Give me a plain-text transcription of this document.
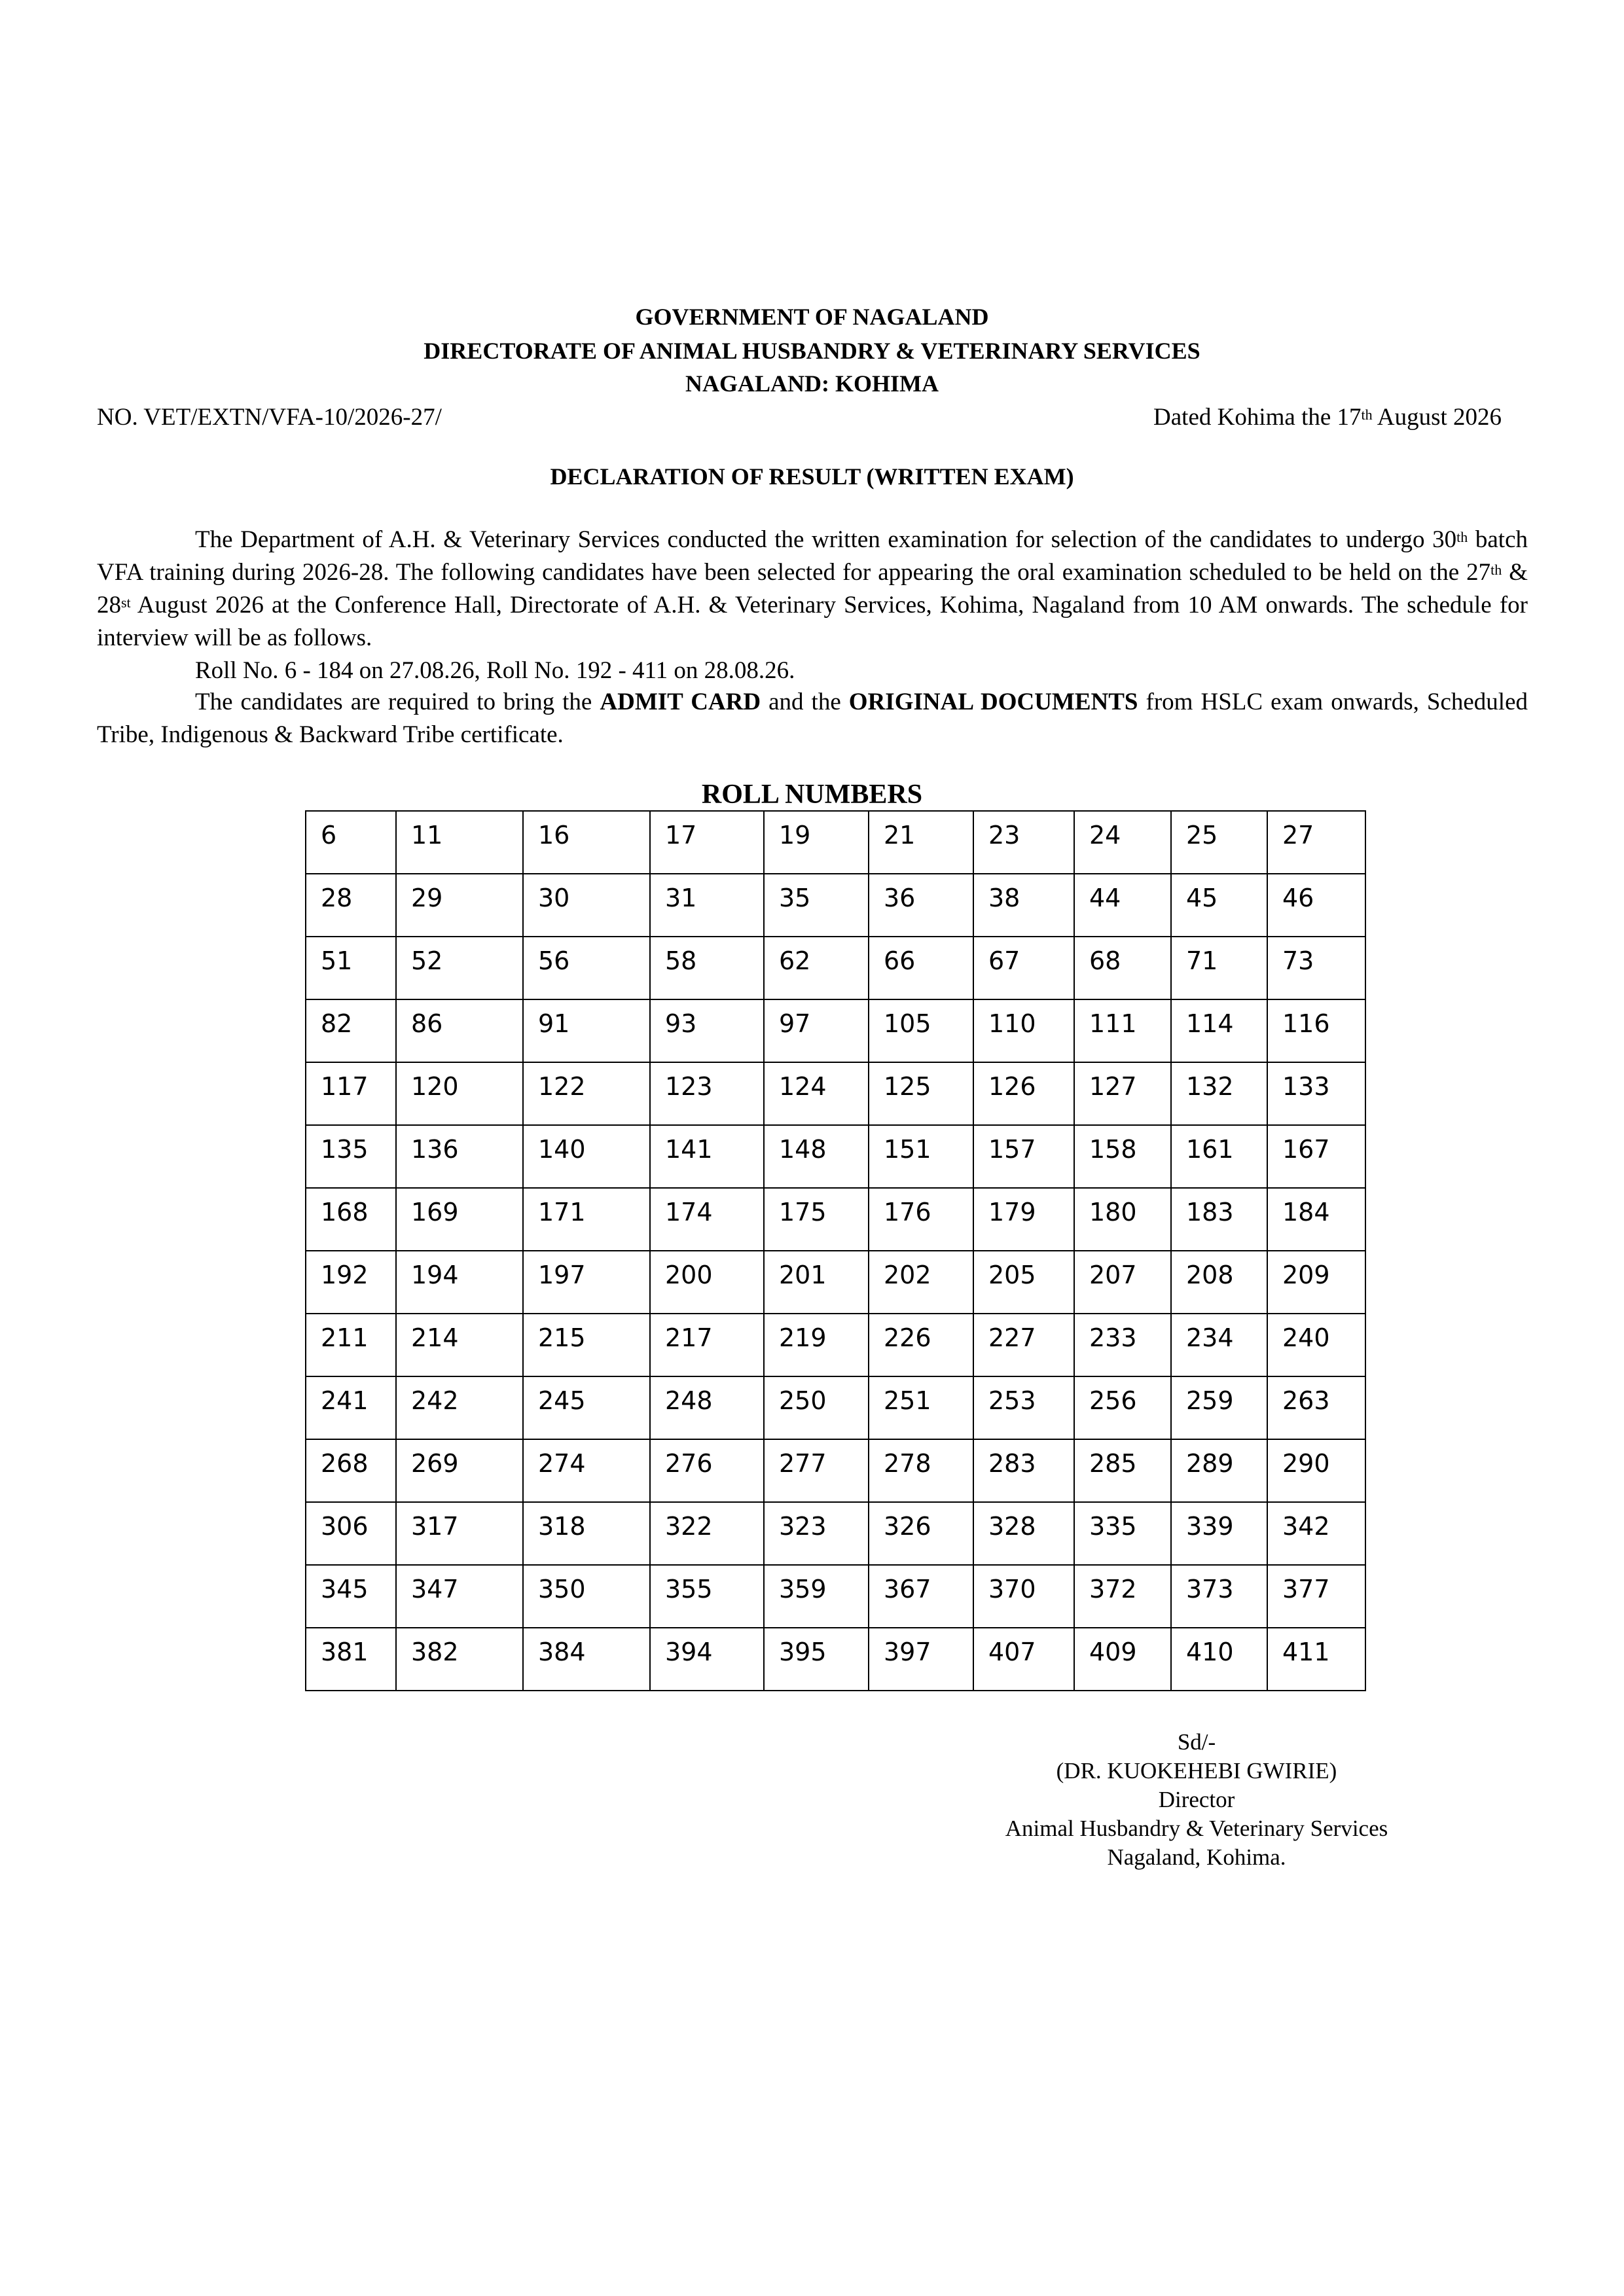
GOVERNMENT OF NAGALAND
DIRECTORATE OF ANIMAL HUSBANDRY & VETERINARY SERVICES
NAGALAND: KOHIMA
NO. VET/EXTN/VFA-10/2026-27/	Dated Kohima the 17th August 2026
DECLARATION OF RESULT (WRITTEN EXAM)
The Department of A.H. & Veterinary Services conducted the written examination for selection of the candidates to undergo 30th batch VFA training during 2026-28. The following candidates have been selected for appearing the oral examination scheduled to be held on the 27th & 28st August 2026 at the Conference Hall, Directorate of A.H. & Veterinary Services, Kohima, Nagaland from 10 AM onwards. The schedule for interview will be as follows.
Roll No. 6 - 184 on 27.08.26, Roll No. 192 - 411 on 28.08.26.
The candidates are required to bring the ADMIT CARD and the ORIGINAL DOCUMENTS from HSLC exam onwards, Scheduled Tribe, Indigenous & Backward Tribe certificate.
ROLL NUMBERS
6	11	16	17	19	21	23	24	25	27
28	29	30	31	35	36	38	44	45	46
51	52	56	58	62	66	67	68	71	73
82	86	91	93	97	105	110	111	114	116
117	120	122	123	124	125	126	127	132	133
135	136	140	141	148	151	157	158	161	167
168	169	171	174	175	176	179	180	183	184
192	194	197	200	201	202	205	207	208	209
211	214	215	217	219	226	227	233	234	240
241	242	245	248	250	251	253	256	259	263
268	269	274	276	277	278	283	285	289	290
306	317	318	322	323	326	328	335	339	342
345	347	350	355	359	367	370	372	373	377
381	382	384	394	395	397	407	409	410	411
Sd/-
(DR. KUOKEHEBI GWIRIE)
Director
Animal Husbandry & Veterinary Services
Nagaland, Kohima.
